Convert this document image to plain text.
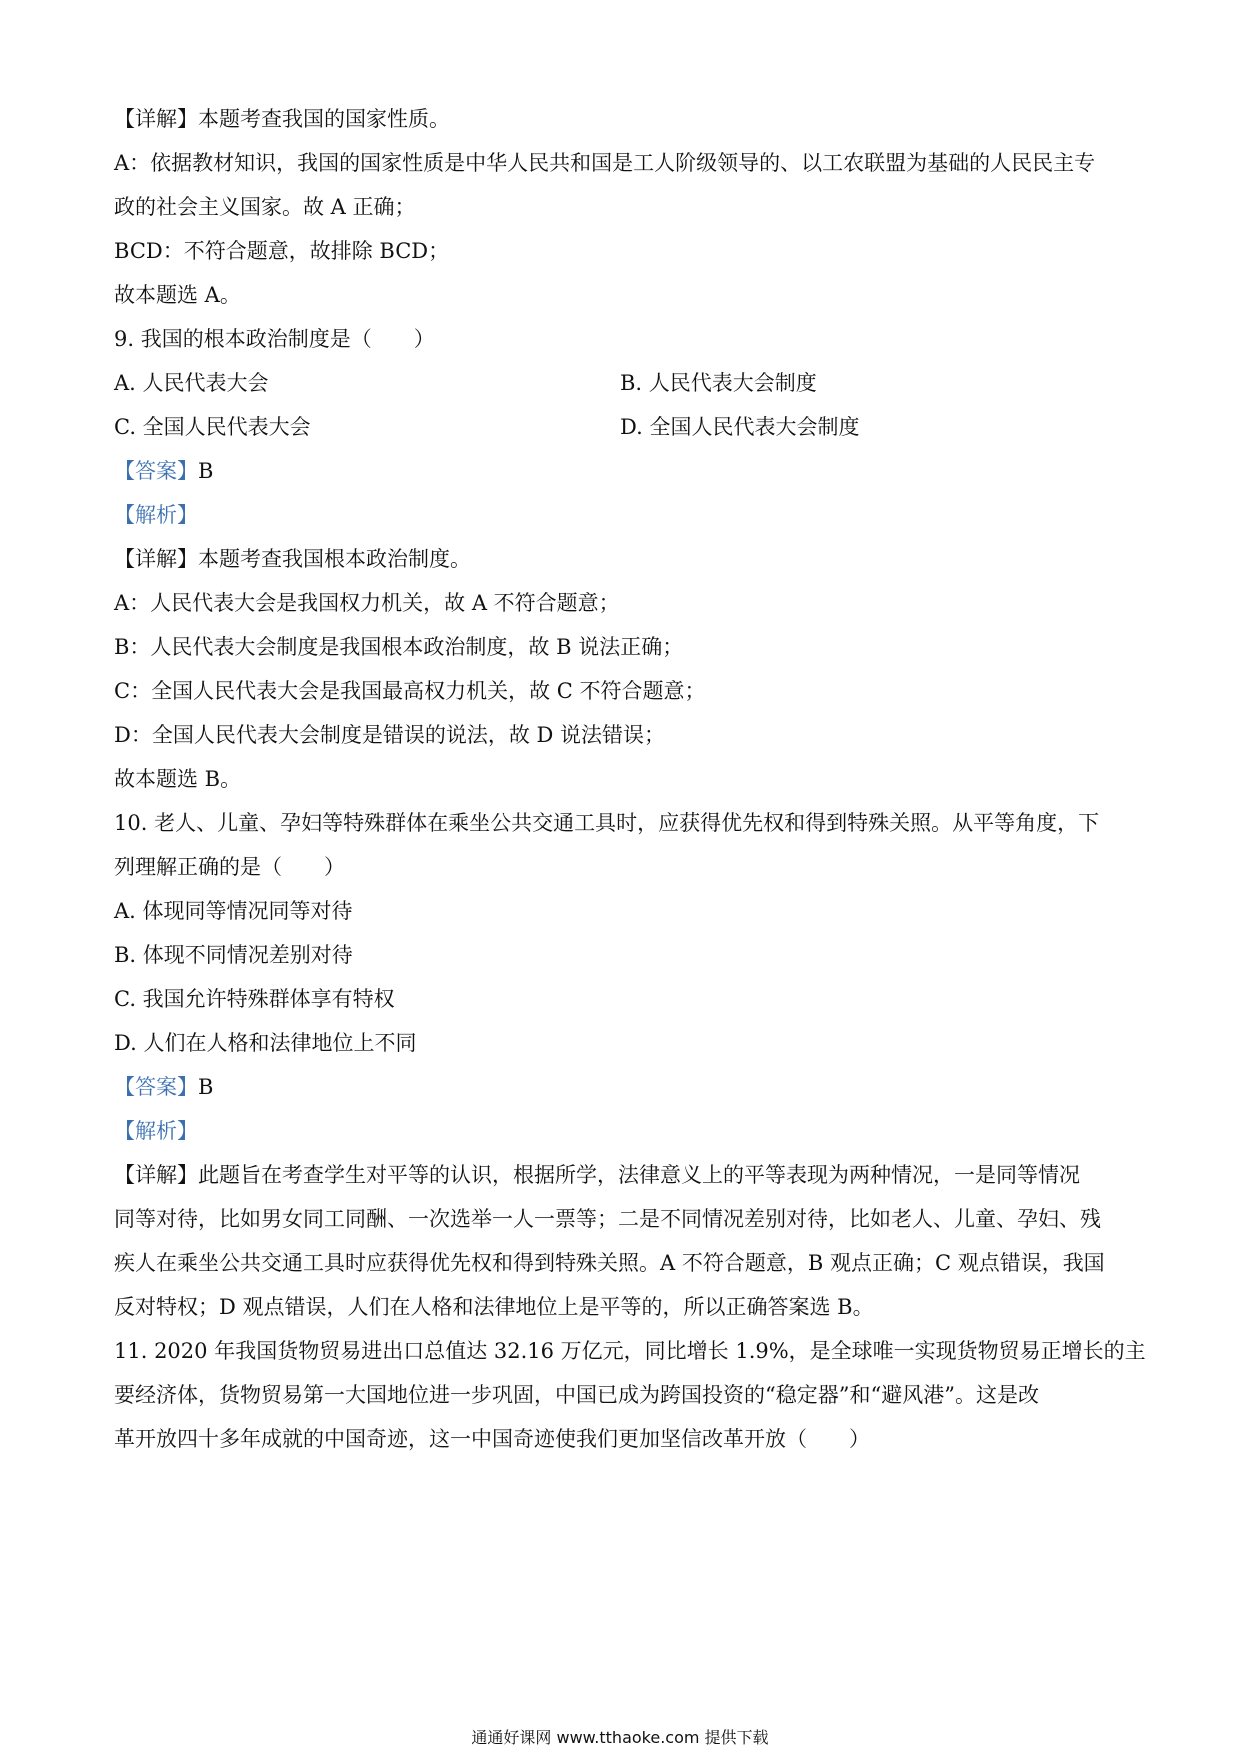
【详解】本题考查我国的国家性质。
A：依据教材知识，我国的国家性质是中华人民共和国是工人阶级领导的、以工农联盟为基础的人民民主专
政的社会主义国家。故 A 正确；
BCD：不符合题意，故排除 BCD；
故本题选 A。
9. 我国的根本政治制度是（　　）
A. 人民代表大会	B. 人民代表大会制度
C. 全国人民代表大会	D. 全国人民代表大会制度
【答案】B
【解析】
【详解】本题考查我国根本政治制度。
A：人民代表大会是我国权力机关，故 A 不符合题意；
B：人民代表大会制度是我国根本政治制度，故 B 说法正确；
C：全国人民代表大会是我国最高权力机关，故 C 不符合题意；
D：全国人民代表大会制度是错误的说法，故 D 说法错误；
故本题选 B。
10. 老人、儿童、孕妇等特殊群体在乘坐公共交通工具时，应获得优先权和得到特殊关照。从平等角度，下
列理解正确的是（　　）
A. 体现同等情况同等对待
B. 体现不同情况差别对待
C. 我国允许特殊群体享有特权
D. 人们在人格和法律地位上不同
【答案】B
【解析】
【详解】此题旨在考查学生对平等的认识，根据所学，法律意义上的平等表现为两种情况，一是同等情况
同等对待，比如男女同工同酬、一次选举一人一票等；二是不同情况差别对待，比如老人、儿童、孕妇、残
疾人在乘坐公共交通工具时应获得优先权和得到特殊关照。A 不符合题意，B 观点正确；C 观点错误，我国
反对特权；D 观点错误，人们在人格和法律地位上是平等的，所以正确答案选 B。
11. 2020 年我国货物贸易进出口总值达 32.16 万亿元，同比增长 1.9%，是全球唯一实现货物贸易正增长的主
要经济体，货物贸易第一大国地位进一步巩固，中国已成为跨国投资的“稳定器”和“避风港”。这是改
革开放四十多年成就的中国奇迹，这一中国奇迹使我们更加坚信改革开放（　　）
通通好课网 www.tthaoke.com 提供下载
